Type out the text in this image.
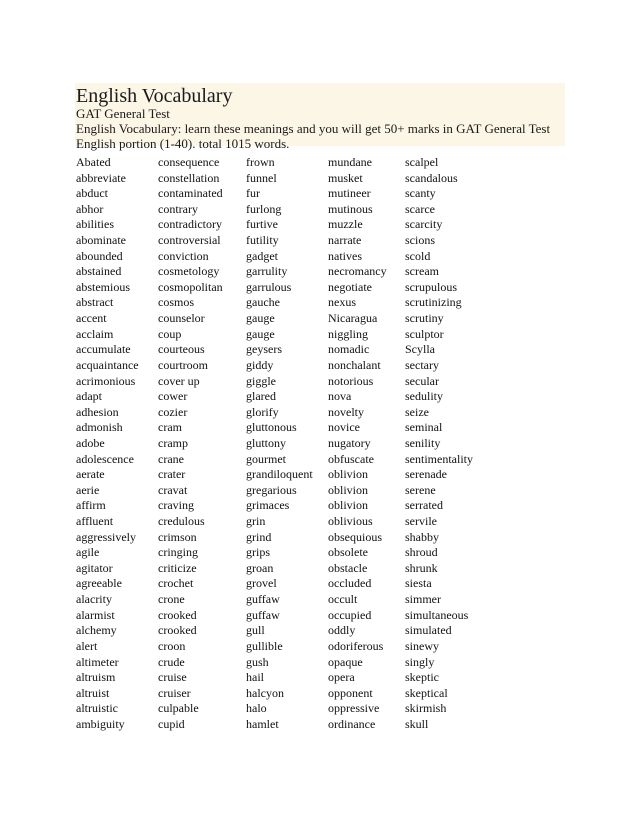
English Vocabulary
GAT General Test
English Vocabulary: learn these meanings and you will get 50+ marks in GAT General Test
English portion (1-40). total 1015 words.
Abated
abbreviate
abduct
abhor
abilities
abominate
abounded
abstained
abstemious
abstract
accent
acclaim
accumulate
acquaintance
acrimonious
adapt
adhesion
admonish
adobe
adolescence
aerate
aerie
affirm
affluent
aggressively
agile
agitator
agreeable
alacrity
alarmist
alchemy
alert
altimeter
altruism
altruist
altruistic
ambiguity
consequence
constellation
contaminated
contrary
contradictory
controversial
conviction
cosmetology
cosmopolitan
cosmos
counselor
coup
courteous
courtroom
cover up
cower
cozier
cram
cramp
crane
crater
cravat
craving
credulous
crimson
cringing
criticize
crochet
crone
crooked
crooked
croon
crude
cruise
cruiser
culpable
cupid
frown
funnel
fur
furlong
furtive
futility
gadget
garrulity
garrulous
gauche
gauge
gauge
geysers
giddy
giggle
glared
glorify
gluttonous
gluttony
gourmet
grandiloquent
gregarious
grimaces
grin
grind
grips
groan
grovel
guffaw
guffaw
gull
gullible
gush
hail
halcyon
halo
hamlet
mundane
musket
mutineer
mutinous
muzzle
narrate
natives
necromancy
negotiate
nexus
Nicaragua
niggling
nomadic
nonchalant
notorious
nova
novelty
novice
nugatory
obfuscate
oblivion
oblivion
oblivion
oblivious
obsequious
obsolete
obstacle
occluded
occult
occupied
oddly
odoriferous
opaque
opera
opponent
oppressive
ordinance
scalpel
scandalous
scanty
scarce
scarcity
scions
scold
scream
scrupulous
scrutinizing
scrutiny
sculptor
Scylla
sectary
secular
sedulity
seize
seminal
senility
sentimentality
serenade
serene
serrated
servile
shabby
shroud
shrunk
siesta
simmer
simultaneous
simulated
sinewy
singly
skeptic
skeptical
skirmish
skull
